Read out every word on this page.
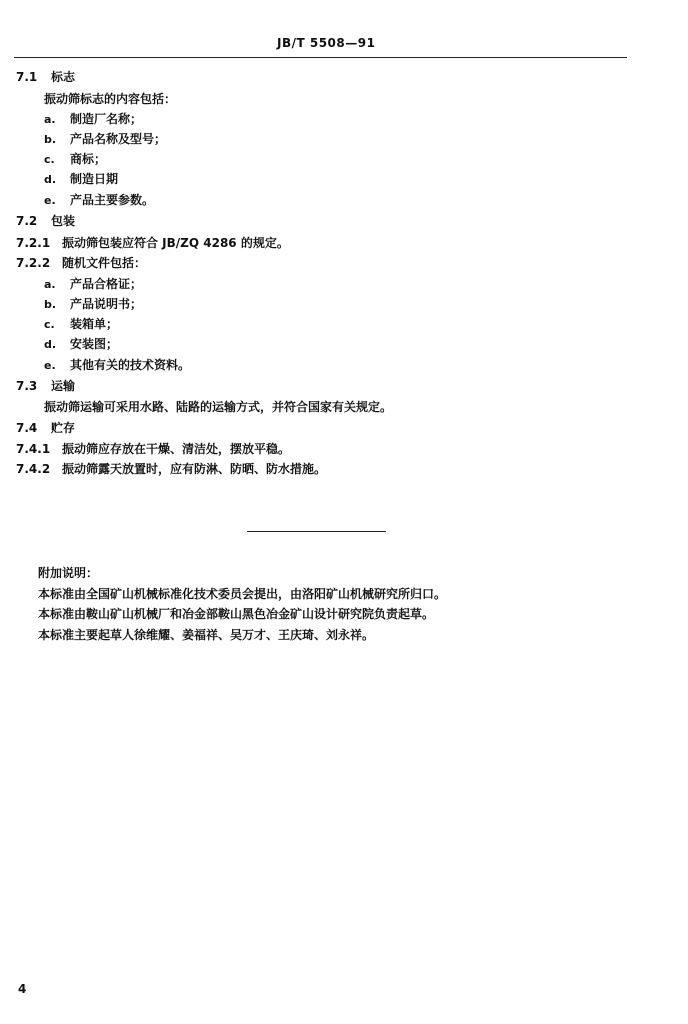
JB/T 5508—91
7.1 标志
振动筛标志的内容包括：
a. 制造厂名称；
b. 产品名称及型号；
c. 商标；
d. 制造日期
e. 产品主要参数。
7.2 包装
7.2.1 振动筛包装应符合 JB/ZQ 4286 的规定。
7.2.2 随机文件包括：
a. 产品合格证；
b. 产品说明书；
c. 装箱单；
d. 安装图；
e. 其他有关的技术资料。
7.3 运输
振动筛运输可采用水路、陆路的运输方式，并符合国家有关规定。
7.4 贮存
7.4.1 振动筛应存放在干燥、清洁处，摆放平稳。
7.4.2 振动筛露天放置时，应有防淋、防晒、防水措施。
附加说明：
本标准由全国矿山机械标准化技术委员会提出，由洛阳矿山机械研究所归口。
本标准由鞍山矿山机械厂和冶金部鞍山黑色冶金矿山设计研究院负责起草。
本标准主要起草人徐维耀、姜福祥、吴万才、王庆琦、刘永祥。
4
